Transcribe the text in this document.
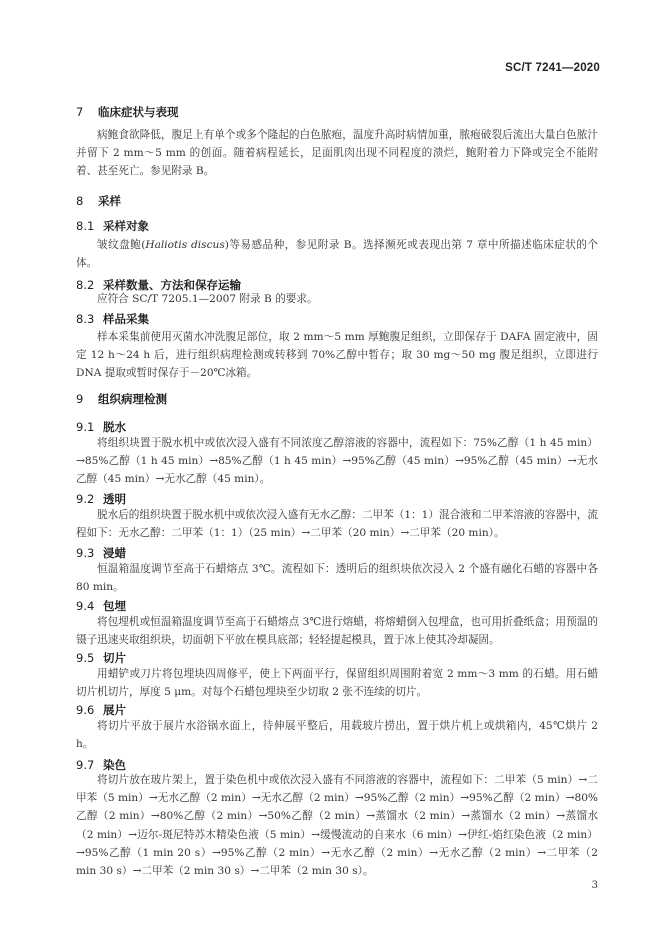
SC/T 7241—2020
7 临床症状与表现

病鲍食欲降低，腹足上有单个或多个隆起的白色脓疱，温度升高时病情加重，脓疱破裂后流出大量白色脓汁并留下 2 mm～5 mm 的创面。随着病程延长，足面肌肉出现不同程度的溃烂，鲍附着力下降或完全不能附着、甚至死亡。参见附录 B。

8 采样
8.1 采样对象

皱纹盘鲍(Haliotis discus)等易感品种，参见附录 B。选择濒死或表现出第 7 章中所描述临床症状的个体。

8.2 采样数量、方法和保存运输

应符合 SC/T 7205.1—2007 附录 B 的要求。

8.3 样品采集

样本采集前使用灭菌水冲洗腹足部位，取 2 mm～5 mm 厚鲍腹足组织，立即保存于 DAFA 固定液中，固定 12 h～24 h 后，进行组织病理检测或转移到 70%乙醇中暂存；取 30 mg～50 mg 腹足组织，立即进行 DNA 提取或暂时保存于－20℃冰箱。

9 组织病理检测
9.1 脱水

将组织块置于脱水机中或依次浸入盛有不同浓度乙醇溶液的容器中，流程如下：75%乙醇（1 h 45 min）→85%乙醇（1 h 45 min）→85%乙醇（1 h 45 min）→95%乙醇（45 min）→95%乙醇（45 min）→无水乙醇（45 min）→无水乙醇（45 min）。

9.2 透明

脱水后的组织块置于脱水机中或依次浸入盛有无水乙醇：二甲苯（1：1）混合液和二甲苯溶液的容器中，流程如下：无水乙醇：二甲苯（1：1）（25 min）→二甲苯（20 min）→二甲苯（20 min）。

9.3 浸蜡

恒温箱温度调节至高于石蜡熔点 3℃。流程如下：透明后的组织块依次浸入 2 个盛有融化石蜡的容器中各 80 min。

9.4 包埋

将包埋机或恒温箱温度调节至高于石蜡熔点 3℃进行熔蜡，将熔蜡倒入包埋盒，也可用折叠纸盒；用预温的镊子迅速夹取组织块，切面朝下平放在模具底部；轻轻提起模具，置于冰上使其冷却凝固。

9.5 切片

用蜡铲或刀片将包埋块四周修平，使上下两面平行，保留组织周围附着宽 2 mm～3 mm 的石蜡。用石蜡切片机切片，厚度 5 μm。对每个石蜡包埋块至少切取 2 张不连续的切片。

9.6 展片

将切片平放于展片水浴锅水面上，待伸展平整后，用载玻片捞出，置于烘片机上或烘箱内，45℃烘片 2 h。

9.7 染色

将切片放在玻片架上，置于染色机中或依次浸入盛有不同溶液的容器中，流程如下：二甲苯（5 min）→二甲苯（5 min）→无水乙醇（2 min）→无水乙醇（2 min）→95%乙醇（2 min）→95%乙醇（2 min）→80%乙醇（2 min）→80%乙醇（2 min）→50%乙醇（2 min）→蒸馏水（2 min）→蒸馏水（2 min）→蒸馏水（2 min）→迈尔-斑尼特苏木精染色液（5 min）→缓慢流动的自来水（6 min）→伊红-焰红染色液（2 min）→95%乙醇（1 min 20 s）→95%乙醇（2 min）→无水乙醇（2 min）→无水乙醇（2 min）→二甲苯（2 min 30 s）→二甲苯（2 min 30 s）→二甲苯（2 min 30 s）。

3
